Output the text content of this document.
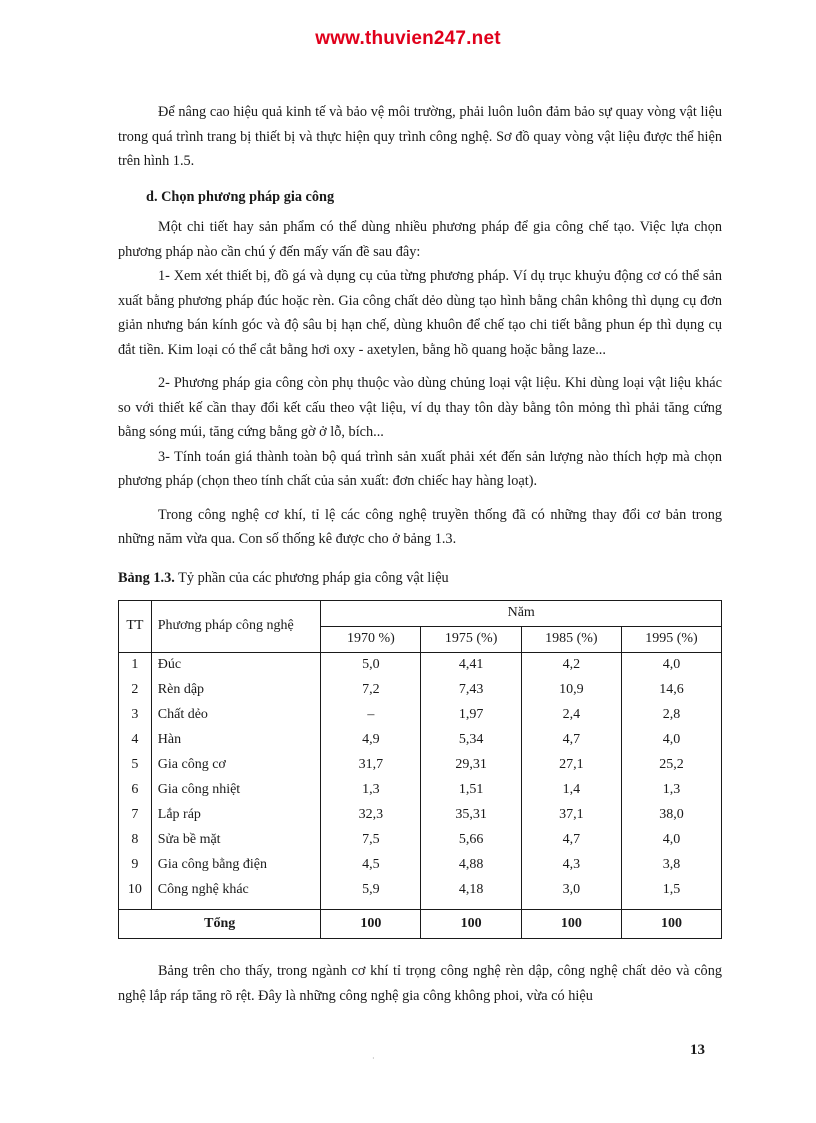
www.thuvien247.net

Để nâng cao hiệu quả kinh tế và bảo vệ môi trường, phải luôn luôn đảm bảo sự quay vòng vật liệu trong quá trình trang bị thiết bị và thực hiện quy trình công nghệ. Sơ đồ quay vòng vật liệu được thể hiện trên hình 1.5.

d. Chọn phương pháp gia công

Một chi tiết hay sản phẩm có thể dùng nhiều phương pháp để gia công chế tạo. Việc lựa chọn phương pháp nào cần chú ý đến mấy vấn đề sau đây:

1- Xem xét thiết bị, đồ gá và dụng cụ của từng phương pháp. Ví dụ trục khuỷu động cơ có thể sản xuất bằng phương pháp đúc hoặc rèn. Gia công chất dẻo dùng tạo hình bằng chân không thì dụng cụ đơn giản nhưng bán kính góc và độ sâu bị hạn chế, dùng khuôn để chế tạo chi tiết bằng phun ép thì dụng cụ đắt tiền. Kim loại có thể cắt bằng hơi oxy - axetylen, bằng hồ quang hoặc bằng laze...

2- Phương pháp gia công còn phụ thuộc vào dùng chủng loại vật liệu. Khi dùng loại vật liệu khác so với thiết kế cần thay đổi kết cấu theo vật liệu, ví dụ thay tôn dày bằng tôn mỏng thì phải tăng cứng bằng sóng múi, tăng cứng bằng gờ ở lỗ, bích...

3- Tính toán giá thành toàn bộ quá trình sản xuất phải xét đến sản lượng nào thích hợp mà chọn phương pháp (chọn theo tính chất của sản xuất: đơn chiếc hay hàng loạt).

Trong công nghệ cơ khí, tỉ lệ các công nghệ truyền thống đã có những thay đổi cơ bản trong những năm vừa qua. Con số thống kê được cho ở bảng 1.3.

Bảng 1.3. Tỷ phần của các phương pháp gia công vật liệu

TT	Phương pháp công nghệ	Năm			
		1970 %)	1975 (%)	1985 (%)	1995 (%)
1	Đúc	5,0	4,41	4,2	4,0
2	Rèn dập	7,2	7,43	10,9	14,6
3	Chất dẻo	–	1,97	2,4	2,8
4	Hàn	4,9	5,34	4,7	4,0
5	Gia công cơ	31,7	29,31	27,1	25,2
6	Gia công nhiệt	1,3	1,51	1,4	1,3
7	Lắp ráp	32,3	35,31	37,1	38,0
8	Sửa bề mặt	7,5	5,66	4,7	4,0
9	Gia công bằng điện	4,5	4,88	4,3	3,8
10	Công nghệ khác	5,9	4,18	3,0	1,5

Tổng		100	100	100	100

Bảng trên cho thấy, trong ngành cơ khí tỉ trọng công nghệ rèn dập, công nghệ chất dẻo và công nghệ lắp ráp tăng rõ rệt. Đây là những công nghệ gia công không phoi, vừa có hiệu

·
13
